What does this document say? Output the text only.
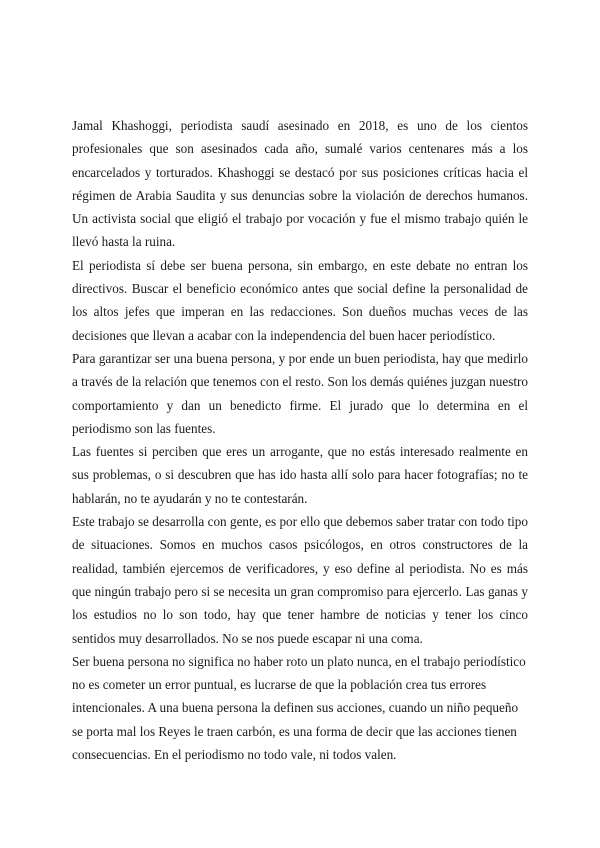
Jamal Khashoggi, periodista saudí asesinado en 2018, es uno de los cientos profesionales que son asesinados cada año, sumalé varios centenares más a los encarcelados y torturados. Khashoggi se destacó por sus posiciones críticas hacia el régimen de Arabia Saudita y sus denuncias sobre la violación de derechos humanos. Un activista social que eligió el trabajo por vocación y fue el mismo trabajo quién le llevó hasta la ruina.

El periodista sí debe ser buena persona, sin embargo, en este debate no entran los directivos. Buscar el beneficio económico antes que social define la personalidad de los altos jefes que imperan en las redacciones. Son dueños muchas veces de las decisiones que llevan a acabar con la independencia del buen hacer periodístico.

Para garantizar ser una buena persona, y por ende un buen periodista, hay que medirlo a través de la relación que tenemos con el resto. Son los demás quiénes juzgan nuestro comportamiento y dan un benedicto firme. El jurado que lo determina en el periodismo son las fuentes.

Las fuentes si perciben que eres un arrogante, que no estás interesado realmente en sus problemas, o si descubren que has ido hasta allí solo para hacer fotografías; no te hablarán, no te ayudarán y no te contestarán.

Este trabajo se desarrolla con gente, es por ello que debemos saber tratar con todo tipo de situaciones. Somos en muchos casos psicólogos, en otros constructores de la realidad, también ejercemos de verificadores, y eso define al periodista. No es más que ningún trabajo pero si se necesita un gran compromiso para ejercerlo. Las ganas y los estudios no lo son todo, hay que tener hambre de noticias y tener los cinco sentidos muy desarrollados. No se nos puede escapar ni una coma.

Ser buena persona no significa no haber roto un plato nunca, en el trabajo periodístico no es cometer un error puntual, es lucrarse de que la población crea tus errores intencionales. A una buena persona la definen sus acciones, cuando un niño pequeño se porta mal los Reyes le traen carbón, es una forma de decir que las acciones tienen consecuencias. En el periodismo no todo vale, ni todos valen.
